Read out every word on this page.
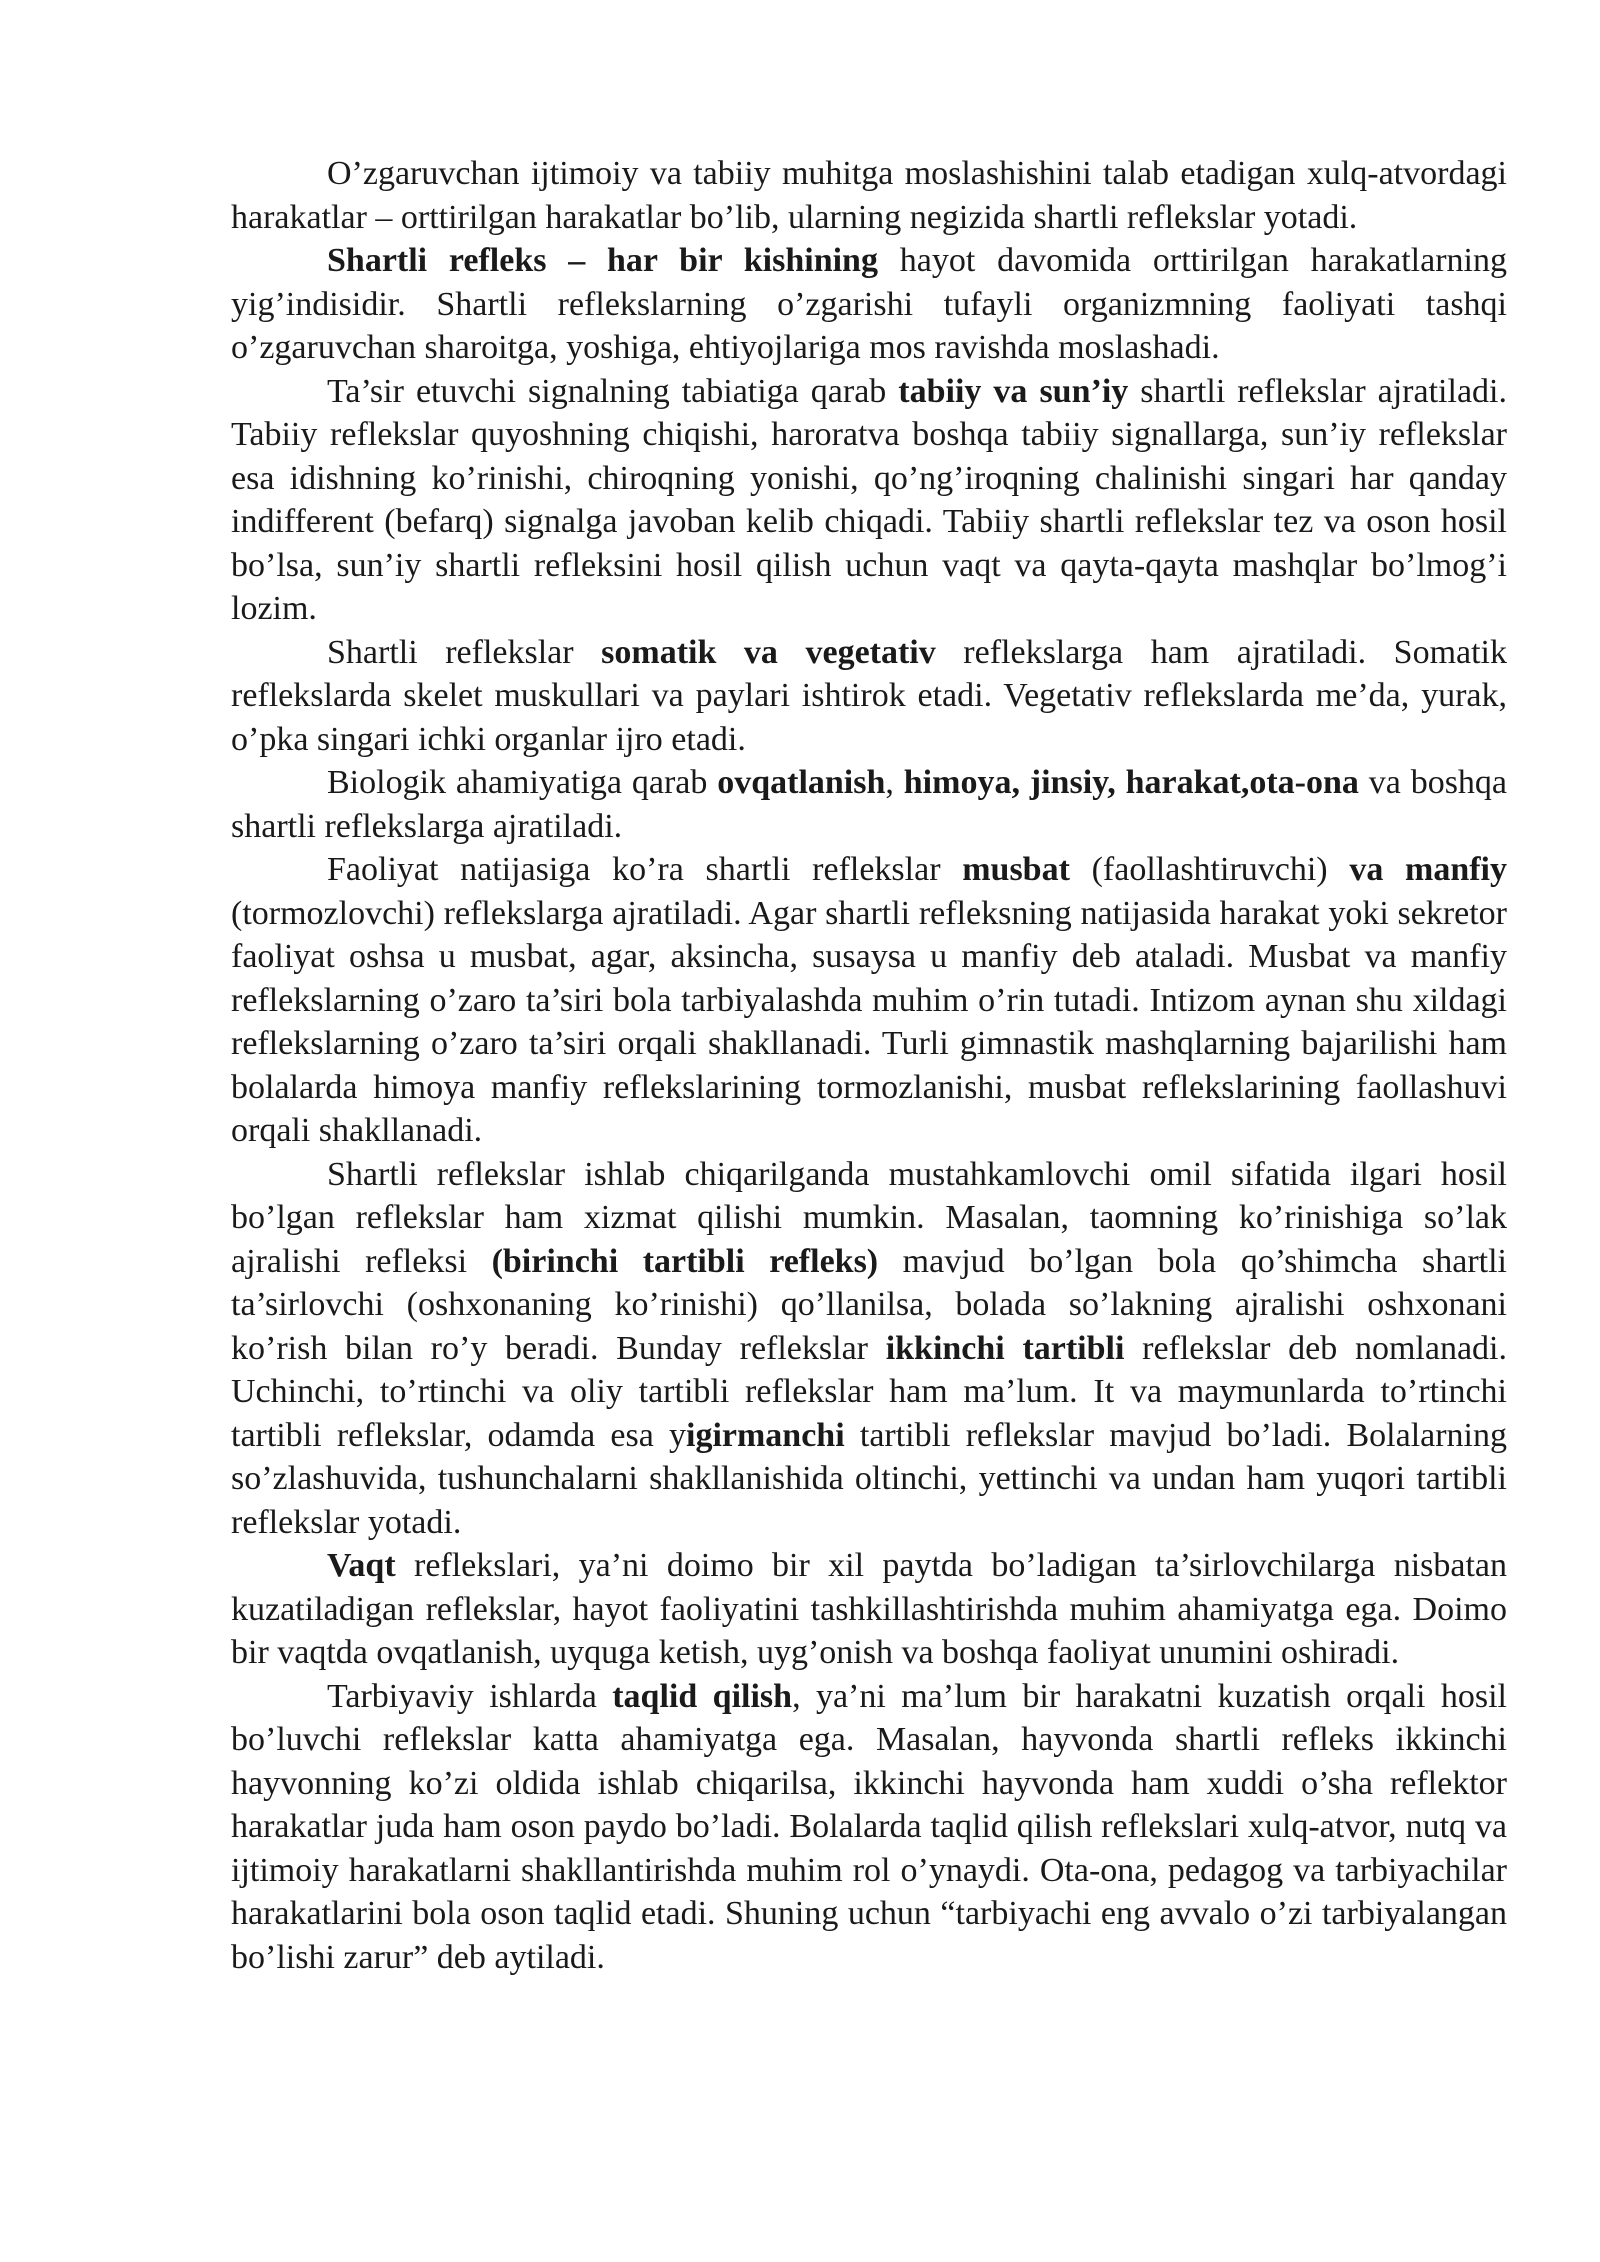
O’zgaruvchan ijtimoiy va tabiiy muhitga moslashishini talab etadigan xulq-atvordagi harakatlar – orttirilgan harakatlar bo’lib, ularning negizida shartli reflekslar yotadi.

Shartli refleks – har bir kishining hayot davomida orttirilgan harakatlarning yig’indisidir. Shartli reflekslarning o’zgarishi tufayli organizmning faoliyati tashqi o’zgaruvchan sharoitga, yoshiga, ehtiyojlariga mos ravishda moslashadi.

Ta’sir etuvchi signalning tabiatiga qarab tabiiy va sun’iy shartli reflekslar ajratiladi. Tabiiy reflekslar quyoshning chiqishi, haroratva boshqa tabiiy signallarga, sun’iy reflekslar esa idishning ko’rinishi, chiroqning yonishi, qo’ng’iroqning chalinishi singari har qanday indifferent (befarq) signalga javoban kelib chiqadi. Tabiiy shartli reflekslar tez va oson hosil bo’lsa, sun’iy shartli refleksini hosil qilish uchun vaqt va qayta-qayta mashqlar bo’lmog’i lozim.

Shartli reflekslar somatik va vegetativ reflekslarga ham ajratiladi. Somatik reflekslarda skelet muskullari va paylari ishtirok etadi. Vegetativ reflekslarda me’da, yurak, o’pka singari ichki organlar ijro etadi.

Biologik ahamiyatiga qarab ovqatlanish, himoya, jinsiy, harakat,ota-ona va boshqa shartli reflekslarga ajratiladi.

Faoliyat natijasiga ko’ra shartli reflekslar musbat (faollashtiruvchi) va manfiy (tormozlovchi) reflekslarga ajratiladi. Agar shartli refleksning natijasida harakat yoki sekretor faoliyat oshsa u musbat, agar, aksincha, susaysa u manfiy deb ataladi. Musbat va manfiy reflekslarning o’zaro ta’siri bola tarbiyalashda muhim o’rin tutadi. Intizom aynan shu xildagi reflekslarning o’zaro ta’siri orqali shakllanadi. Turli gimnastik mashqlarning bajarilishi ham bolalarda himoya manfiy reflekslarining tormozlanishi, musbat reflekslarining faollashuvi orqali shakllanadi.

Shartli reflekslar ishlab chiqarilganda mustahkamlovchi omil sifatida ilgari hosil bo’lgan reflekslar ham xizmat qilishi mumkin. Masalan, taomning ko’rinishiga so’lak ajralishi refleksi (birinchi tartibli refleks) mavjud bo’lgan bola qo’shimcha shartli ta’sirlovchi (oshxonaning ko’rinishi) qo’llanilsa, bolada so’lakning ajralishi oshxonani ko’rish bilan ro’y beradi. Bunday reflekslar ikkinchi tartibli reflekslar deb nomlanadi. Uchinchi, to’rtinchi va oliy tartibli reflekslar ham ma’lum. It va maymunlarda to’rtinchi tartibli reflekslar, odamda esa yigirmanchi tartibli reflekslar mavjud bo’ladi. Bolalarning so’zlashuvida, tushunchalarni shakllanishida oltinchi, yettinchi va undan ham yuqori tartibli reflekslar yotadi.

Vaqt reflekslari, ya’ni doimo bir xil paytda bo’ladigan ta’sirlovchilarga nisbatan kuzatiladigan reflekslar, hayot faoliyatini tashkillashtirishda muhim ahamiyatga ega. Doimo bir vaqtda ovqatlanish, uyquga ketish, uyg’onish va boshqa faoliyat unumini oshiradi.

Tarbiyaviy ishlarda taqlid qilish, ya’ni ma’lum bir harakatni kuzatish orqali hosil bo’luvchi reflekslar katta ahamiyatga ega. Masalan, hayvonda shartli refleks ikkinchi hayvonning ko’zi oldida ishlab chiqarilsa, ikkinchi hayvonda ham xuddi o’sha reflektor harakatlar juda ham oson paydo bo’ladi. Bolalarda taqlid qilish reflekslari xulq-atvor, nutq va ijtimoiy harakatlarni shakllantirishda muhim rol o’ynaydi. Ota-ona, pedagog va tarbiyachilar harakatlarini bola oson taqlid etadi. Shuning uchun “tarbiyachi eng avvalo o’zi tarbiyalangan bo’lishi zarur” deb aytiladi.
